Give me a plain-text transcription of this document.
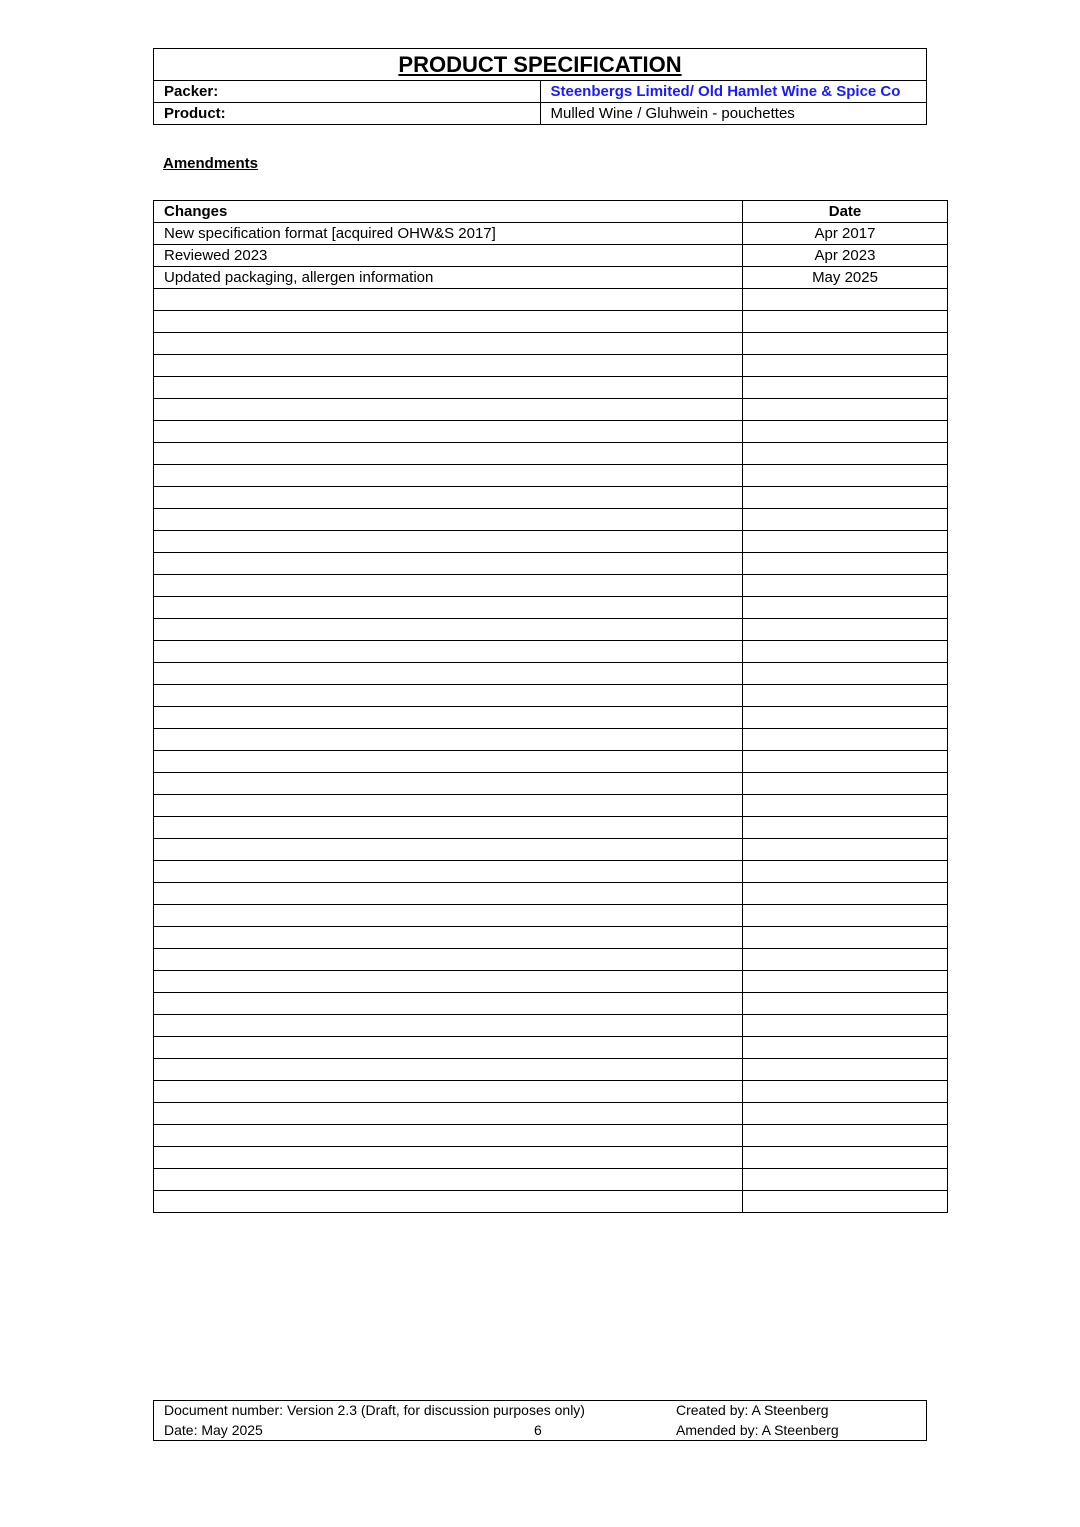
PRODUCT SPECIFICATION	
Packer:	Steenbergs Limited/ Old Hamlet Wine & Spice Co
Product:	Mulled Wine / Gluhwein - pouchettes
Amendments
Changes	Date
New specification format [acquired OHW&S 2017]	Apr 2017
Reviewed 2023	Apr 2023
Updated packaging, allergen information	May 2025

Document number: Version 2.3 (Draft, for discussion purposes only)
Date: May 2025	6
Created by: A Steenberg
Amended by: A Steenberg
